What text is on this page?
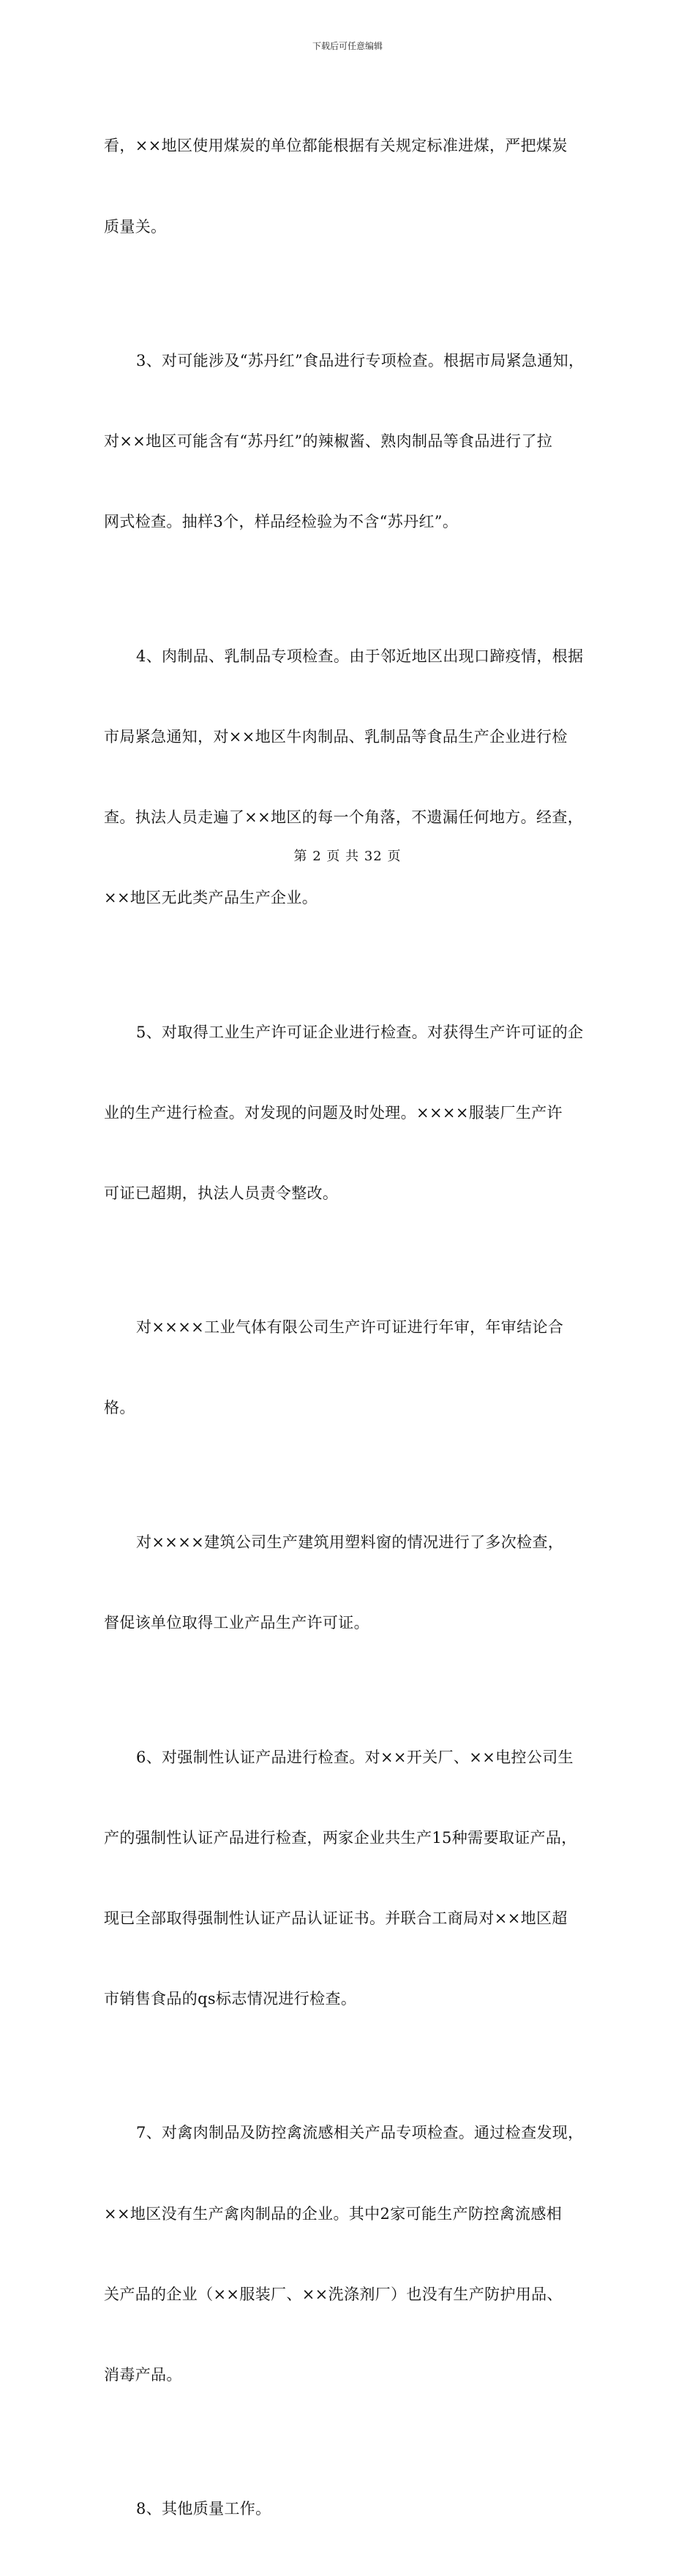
下载后可任意编辑

看，××地区使用煤炭的单位都能根据有关规定标准进煤，严把煤炭

质量关。

3、对可能涉及“苏丹红”食品进行专项检查。根据市局紧急通知，

对××地区可能含有“苏丹红”的辣椒酱、熟肉制品等食品进行了拉

网式检查。抽样3个，样品经检验为不含“苏丹红”。

4、肉制品、乳制品专项检查。由于邻近地区出现口蹄疫情，根据

市局紧急通知，对××地区牛肉制品、乳制品等食品生产企业进行检

查。执法人员走遍了××地区的每一个角落，不遗漏任何地方。经查，

××地区无此类产品生产企业。

5、对取得工业生产许可证企业进行检查。对获得生产许可证的企

业的生产进行检查。对发现的问题及时处理。××××服装厂生产许

可证已超期，执法人员责令整改。

对××××工业气体有限公司生产许可证进行年审，年审结论合

格。

对××××建筑公司生产建筑用塑料窗的情况进行了多次检查，

督促该单位取得工业产品生产许可证。

6、对强制性认证产品进行检查。对××开关厂、××电控公司生

产的强制性认证产品进行检查，两家企业共生产15种需要取证产品，

现已全部取得强制性认证产品认证证书。并联合工商局对××地区超

市销售食品的qs标志情况进行检查。

7、对禽肉制品及防控禽流感相关产品专项检查。通过检查发现，

××地区没有生产禽肉制品的企业。其中2家可能生产防控禽流感相

关产品的企业（××服装厂、××洗涤剂厂）也没有生产防护用品、

消毒产品。

8、其他质量工作。

第 2 页 共 32 页
